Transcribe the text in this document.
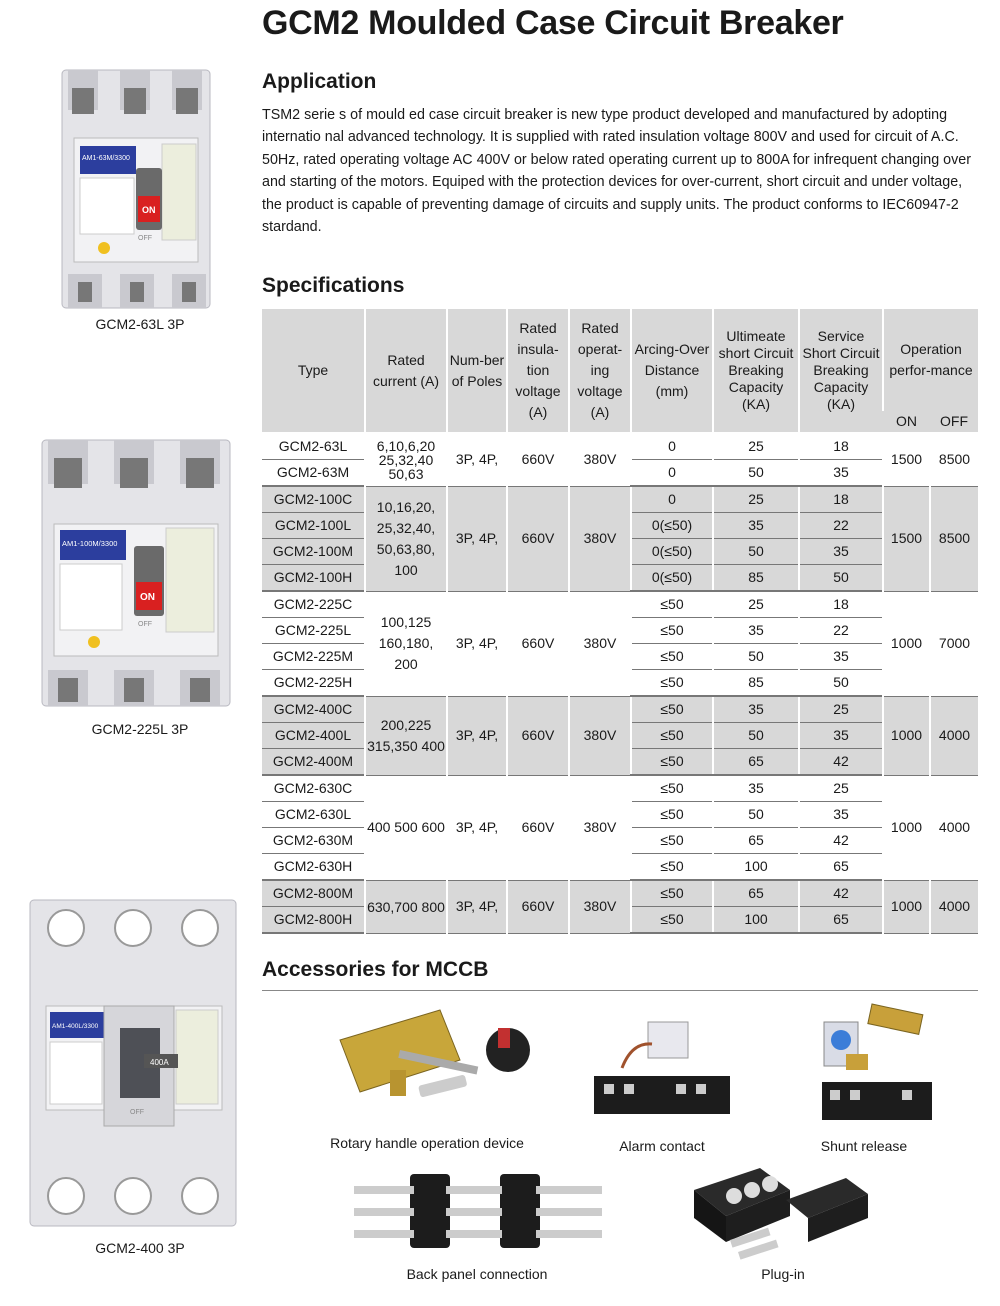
GCM2 Moulded Case Circuit Breaker
Application
TSM2 serie s of mould ed case circuit breaker is new type product developed and manufactured by adopting internatio nal advanced technology. It is supplied with rated insulation voltage 800V and used for circuit of A.C. 50Hz, rated operating voltage AC 400V or below rated operating current up to 800A for infrequent changing over and starting of the motors. Equiped with the protection devices for over-current, short circuit and under voltage, the product is capable of preventing damage of circuits and supply units. The product conforms to IEC60947-2 stardand.
AM1-63M/3300
ON
OFF
GCM2-63L 3P
AM1-100M/3300
ON
OFF
GCM2-225L 3P
AM1-400L/3300
400A
OFF
GCM2-400 3P
Specifications
Type	Rated current (A)	Num-ber of Poles	Rated insula-tion voltage (A)	Rated operat-ing voltage (A)	Arcing-Over Distance (mm)	Ultimeate short Circuit Breaking Capacity (KA)	Service Short Circuit Breaking Capacity (KA)	Operation perfor-mance	
								ON	OFF
GCM2-63L	6,10,6,20 25,32,40 50,63	3P, 4P,	660V	380V	0	25	18	1500	8500
GCM2-63M					0	50	35		
GCM2-100C	10,16,20, 25,32,40, 50,63,80, 100	3P, 4P,	660V	380V	0	25	18	1500	8500
GCM2-100L					0(≤50)	35	22		
GCM2-100M					0(≤50)	50	35		
GCM2-100H					0(≤50)	85	50		
GCM2-225C	100,125 160,180, 200	3P, 4P,	660V	380V	≤50	25	18	1000	7000
GCM2-225L					≤50	35	22		
GCM2-225M					≤50	50	35		
GCM2-225H					≤50	85	50		
GCM2-400C	200,225 315,350 400	3P, 4P,	660V	380V	≤50	35	25	1000	4000
GCM2-400L					≤50	50	35		
GCM2-400M					≤50	65	42		
GCM2-630C	400 500 600	3P, 4P,	660V	380V	≤50	35	25	1000	4000
GCM2-630L					≤50	50	35		
GCM2-630M					≤50	65	42		
GCM2-630H					≤50	100	65		
GCM2-800M	630,700 800	3P, 4P,	660V	380V	≤50	65	42	1000	4000
GCM2-800H					≤50	100	65		
Accessories for MCCB
Rotary handle operation device	Alarm contact	Shunt release
Back panel connection	Plug-in
